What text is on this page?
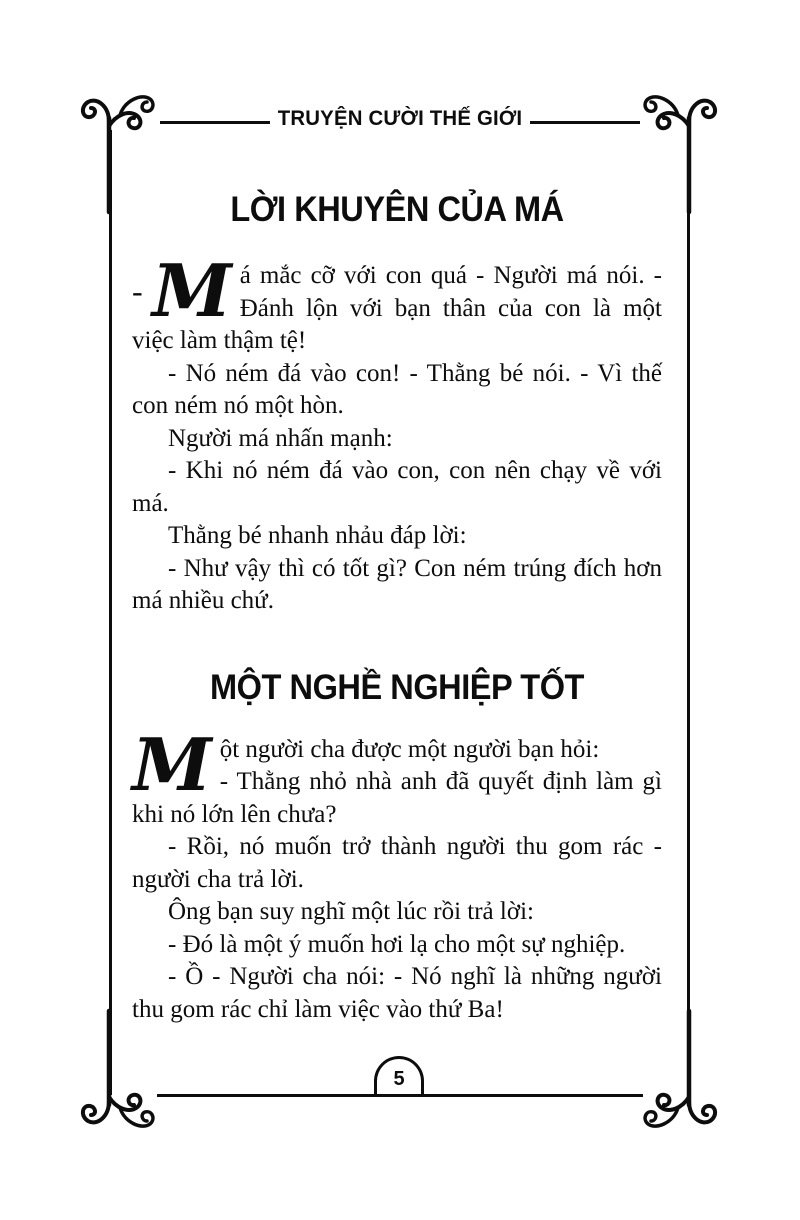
TRUYỆN CƯỜI THẾ GIỚI
LỜI KHUYÊN CỦA MÁ

- M á mắc cỡ với con quá - Người má nói. - Đánh lộn với bạn thân của con là một việc làm thậm tệ!

- Nó ném đá vào con! - Thằng bé nói. - Vì thế con ném nó một hòn.

Người má nhấn mạnh:

- Khi nó ném đá vào con, con nên chạy về với má.

Thằng bé nhanh nhảu đáp lời:

- Như vậy thì có tốt gì? Con ném trúng đích hơn má nhiều chứ.

MỘT NGHỀ NGHIỆP TỐT

Một người cha được một người bạn hỏi:
- Thằng nhỏ nhà anh đã quyết định làm gì khi nó lớn lên chưa?

- Rồi, nó muốn trở thành người thu gom rác - người cha trả lời.

Ông bạn suy nghĩ một lúc rồi trả lời:

- Đó là một ý muốn hơi lạ cho một sự nghiệp.

- Ồ - Người cha nói: - Nó nghĩ là những người thu gom rác chỉ làm việc vào thứ Ba!

5
